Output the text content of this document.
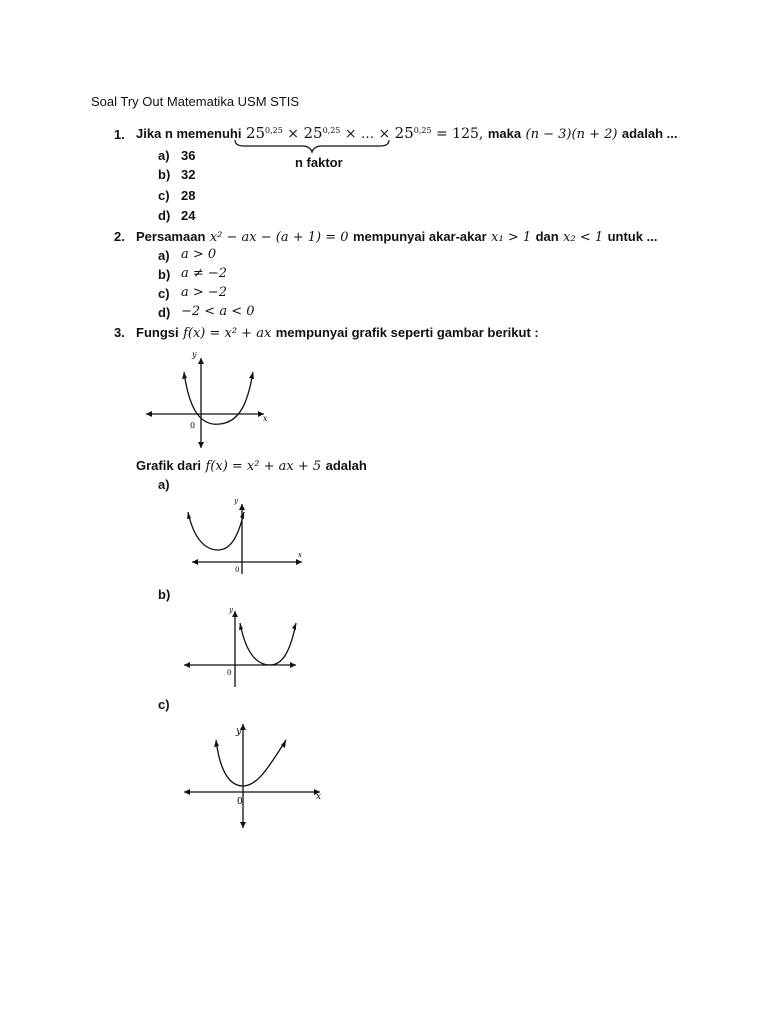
Soal Try Out Matematika USM STIS
1. Jika n memenuhi $25^{0,25} \times 25^{0,25}$ × … × $25^{0,25} = 125$, maka (n − 3)(n + 2) adalah ...
n faktor
a) 36
b) 32
c) 28
d) 24
2. Persamaan x² − ax − (a + 1) = 0 mempunyai akar-akar x₁ > 1 dan x₂ < 1 untuk ...
a) a > 0
b) a ≠ −2
c) a > −2
d) −2 < a < 0
3. Fungsi f(x) = x² + ax mempunyai grafik seperti gambar berikut :
y
x
0
Grafik dari f(x) = x² + ax + 5 adalah
a)
y
x
0
b)
y
0
c)
y
x
0
